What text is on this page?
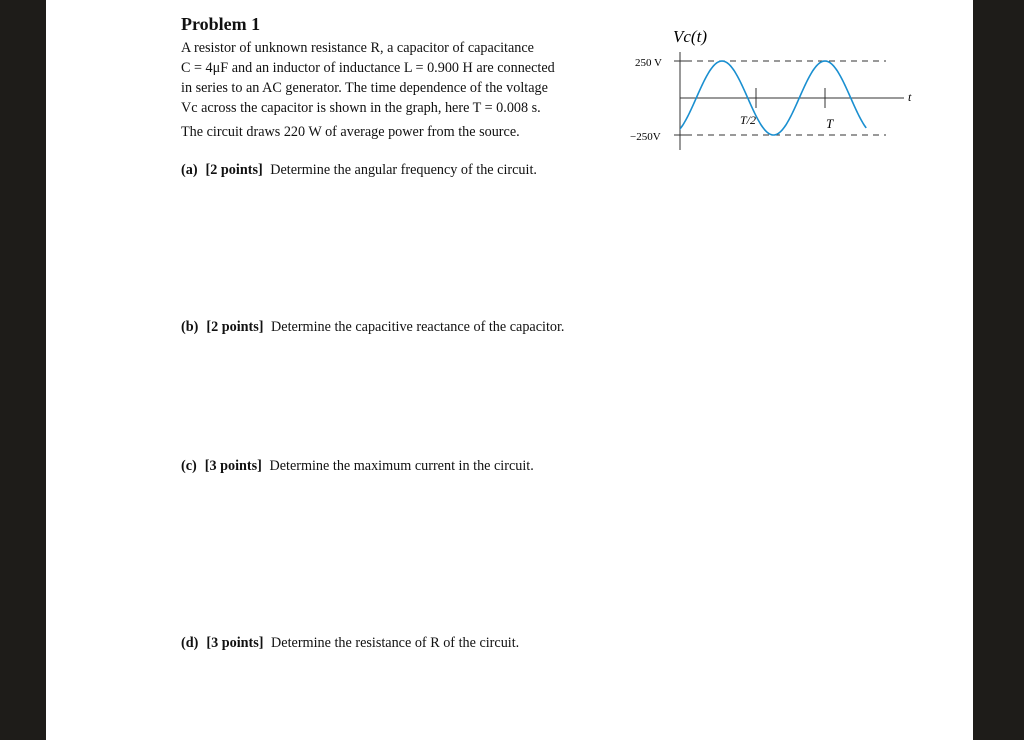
Problem 1

A resistor of unknown resistance R, a capacitor of capacitance

C = 4μF and an inductor of inductance L = 0.900 H are connected

in series to an AC generator. The time dependence of the voltage

Vc across the capacitor is shown in the graph, here T = 0.008 s.

The circuit draws 220 W of average power from the source.
(a) [2 points] Determine the angular frequency of the circuit.
(b) [2 points] Determine the capacitive reactance of the capacitor.
(c) [3 points] Determine the maximum current in the circuit.
(d) [3 points] Determine the resistance of R of the circuit.
Vc(t)
250 V
−250V
t
T/2	T
